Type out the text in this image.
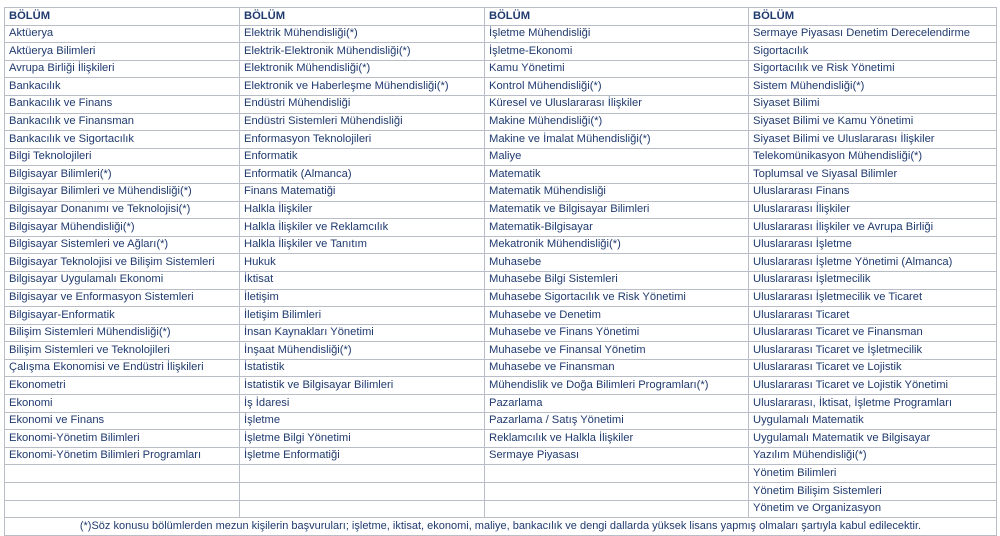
BÖLÜM	BÖLÜM	BÖLÜM	BÖLÜM
Aktüerya	Elektrik Mühendisliği(*)	İşletme Mühendisliği	Sermaye Piyasası Denetim Derecelendirme
Aktüerya Bilimleri	Elektrik-Elektronik Mühendisliği(*)	İşletme-Ekonomi	Sigortacılık
Avrupa Birliği İlişkileri	Elektronik Mühendisliği(*)	Kamu Yönetimi	Sigortacılık ve Risk Yönetimi
Bankacılık	Elektronik ve Haberleşme Mühendisliği(*)	Kontrol Mühendisliği(*)	Sistem Mühendisliği(*)
Bankacılık ve Finans	Endüstri Mühendisliği	Küresel ve Uluslararası İlişkiler	Siyaset Bilimi
Bankacılık ve Finansman	Endüstri Sistemleri Mühendisliği	Makine Mühendisliği(*)	Siyaset Bilimi ve Kamu Yönetimi
Bankacılık ve Sigortacılık	Enformasyon Teknolojileri	Makine ve İmalat Mühendisliği(*)	Siyaset Bilimi ve Uluslararası İlişkiler
Bilgi Teknolojileri	Enformatik	Maliye	Telekomünikasyon Mühendisliği(*)
Bilgisayar Bilimleri(*)	Enformatik (Almanca)	Matematik	Toplumsal ve Siyasal Bilimler
Bilgisayar Bilimleri ve Mühendisliği(*)	Finans Matematiği	Matematik Mühendisliği	Uluslararası Finans
Bilgisayar Donanımı ve Teknolojisi(*)	Halkla İlişkiler	Matematik ve Bilgisayar Bilimleri	Uluslararası İlişkiler
Bilgisayar Mühendisliği(*)	Halkla İlişkiler ve Reklamcılık	Matematik-Bilgisayar	Uluslararası İlişkiler ve Avrupa Birliği
Bilgisayar Sistemleri ve Ağları(*)	Halkla İlişkiler ve Tanıtım	Mekatronik Mühendisliği(*)	Uluslararası İşletme
Bilgisayar Teknolojisi ve Bilişim Sistemleri	Hukuk	Muhasebe	Uluslararası İşletme Yönetimi (Almanca)
Bilgisayar Uygulamalı Ekonomi	İktisat	Muhasebe Bilgi Sistemleri	Uluslararası İşletmecilik
Bilgisayar ve Enformasyon Sistemleri	İletişim	Muhasebe Sigortacılık ve Risk Yönetimi	Uluslararası İşletmecilik ve Ticaret
Bilgisayar-Enformatik	İletişim Bilimleri	Muhasebe ve Denetim	Uluslararası Ticaret
Bilişim Sistemleri Mühendisliği(*)	İnsan Kaynakları Yönetimi	Muhasebe ve Finans Yönetimi	Uluslararası Ticaret ve Finansman
Bilişim Sistemleri ve Teknolojileri	İnşaat Mühendisliği(*)	Muhasebe ve Finansal Yönetim	Uluslararası Ticaret ve İşletmecilik
Çalışma Ekonomisi ve Endüstri İlişkileri	İstatistik	Muhasebe ve Finansman	Uluslararası Ticaret ve Lojistik
Ekonometri	İstatistik ve Bilgisayar Bilimleri	Mühendislik ve Doğa Bilimleri Programları(*)	Uluslararası Ticaret ve Lojistik Yönetimi
Ekonomi	İş İdaresi	Pazarlama	Uluslararası, İktisat, İşletme Programları
Ekonomi ve Finans	İşletme	Pazarlama / Satış Yönetimi	Uygulamalı Matematik
Ekonomi-Yönetim Bilimleri	İşletme Bilgi Yönetimi	Reklamcılık ve Halkla İlişkiler	Uygulamalı Matematik ve Bilgisayar
Ekonomi-Yönetim Bilimleri Programları	İşletme Enformatiği	Sermaye Piyasası	Yazılım Mühendisliği(*)
			Yönetim Bilimleri
			Yönetim Bilişim Sistemleri
			Yönetim ve Organizasyon
(*)Söz konusu bölümlerden mezun kişilerin başvuruları; işletme, iktisat, ekonomi, maliye, bankacılık ve dengi dallarda yüksek lisans yapmış olmaları şartıyla kabul edilecektir.			
